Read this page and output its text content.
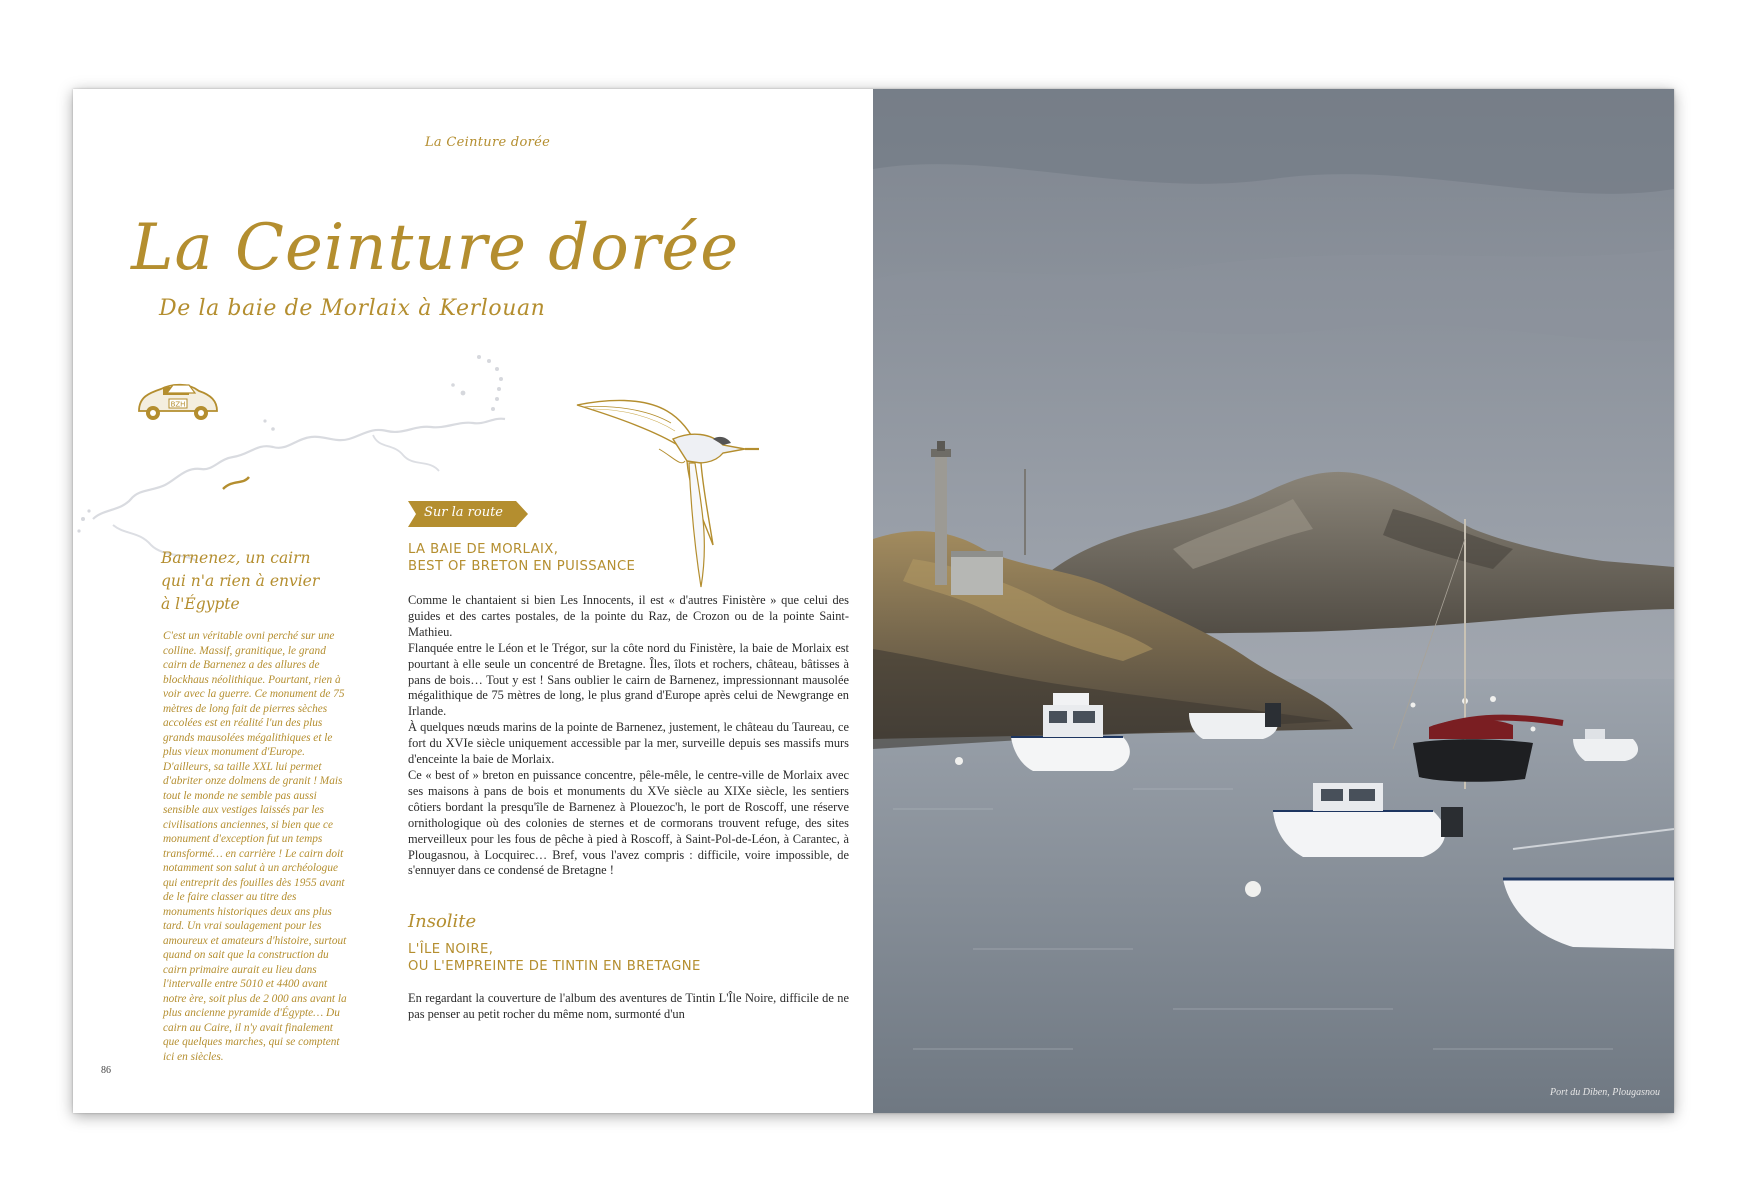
La Ceinture dorée
La Ceinture dorée
De la baie de Morlaix à Kerlouan
BZH
Barnenez, un cairn
qui n'a rien à envier
à l'Égypte

C'est un véritable ovni perché sur une colline. Massif, granitique, le grand cairn de Barnenez a des allures de blockhaus néolithique. Pourtant, rien à voir avec la guerre. Ce monument de 75 mètres de long fait de pierres sèches accolées est en réalité l'un des plus grands mausolées mégalithiques et le plus vieux monument d'Europe. D'ailleurs, sa taille XXL lui permet d'abriter onze dolmens de granit ! Mais tout le monde ne semble pas aussi sensible aux vestiges laissés par les civilisations anciennes, si bien que ce monument d'exception fut un temps transformé… en carrière ! Le cairn doit notamment son salut à un archéologue qui entreprit des fouilles dès 1955 avant de le faire classer au titre des monuments historiques deux ans plus tard. Un vrai soulagement pour les amoureux et amateurs d'histoire, surtout quand on sait que la construction du cairn primaire aurait eu lieu dans l'intervalle entre 5010 et 4400 avant notre ère, soit plus de 2 000 ans avant la plus ancienne pyramide d'Égypte… Du cairn au Caire, il n'y avait finalement que quelques marches, qui se comptent ici en siècles.

Sur la route
LA BAIE DE MORLAIX,
BEST OF BRETON EN PUISSANCE

Comme le chantaient si bien Les Innocents, il est « d'autres Finistère » que celui des guides et des cartes postales, de la pointe du Raz, de Crozon ou de la pointe Saint-Mathieu.

Flanquée entre le Léon et le Trégor, sur la côte nord du Finistère, la baie de Morlaix est pourtant à elle seule un concentré de Bretagne. Îles, îlots et rochers, château, bâtisses à pans de bois… Tout y est ! Sans oublier le cairn de Barnenez, impressionnant mausolée mégalithique de 75 mètres de long, le plus grand d'Europe après celui de Newgrange en Irlande.

À quelques nœuds marins de la pointe de Barnenez, justement, le château du Taureau, ce fort du XVIe siècle uniquement accessible par la mer, surveille depuis ses massifs murs d'enceinte la baie de Morlaix.

Ce « best of » breton en puissance concentre, pêle-mêle, le centre-ville de Morlaix avec ses maisons à pans de bois et monuments du XVe siècle au XIXe siècle, les sentiers côtiers bordant la presqu'île de Barnenez à Plouezoc'h, le port de Roscoff, une réserve ornithologique où des colonies de sternes et de cormorans trouvent refuge, des sites merveilleux pour les fous de pêche à pied à Roscoff, à Saint-Pol-de-Léon, à Carantec, à Plougasnou, à Locquirec… Bref, vous l'avez compris : difficile, voire impossible, de s'ennuyer dans ce condensé de Bretagne !

Insolite
L'ÎLE NOIRE,
OU L'EMPREINTE DE TINTIN EN BRETAGNE

En regardant la couverture de l'album des aventures de Tintin L'Île Noire, difficile de ne pas penser au petit rocher du même nom, surmonté d'un

86
Port du Diben, Plougasnou
